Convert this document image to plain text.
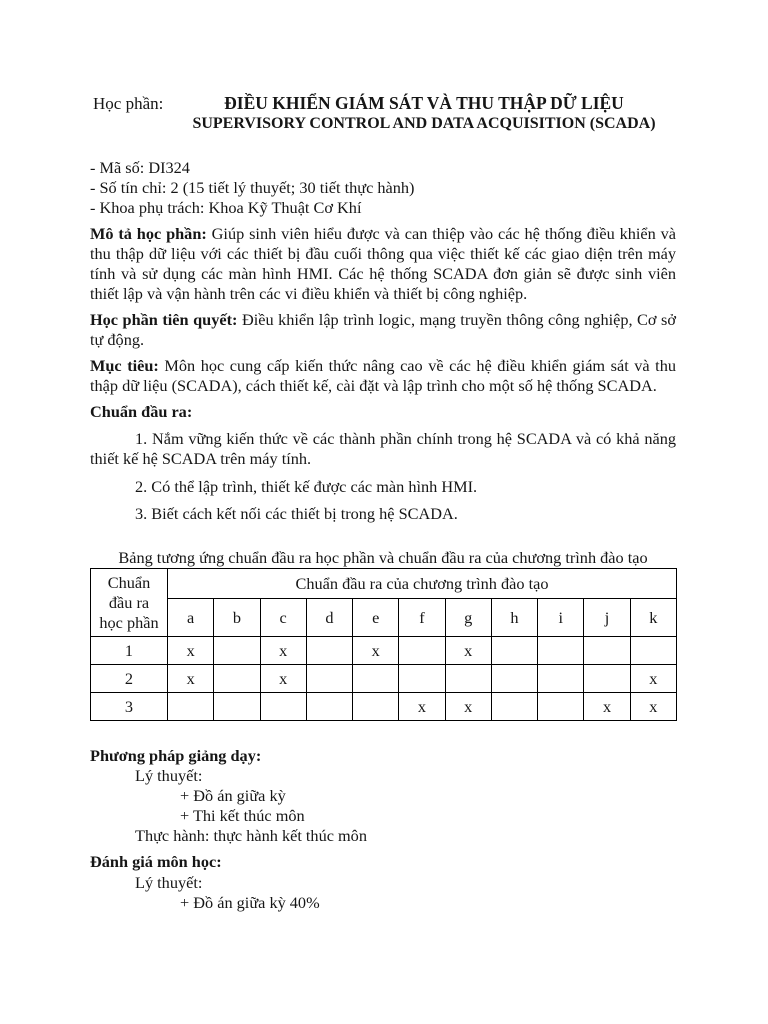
Học phần:	ĐIỀU KHIỂN GIÁM SÁT VÀ THU THẬP DỮ LIỆU
SUPERVISORY CONTROL AND DATA ACQUISITION (SCADA)
- Mã số: DI324
- Số tín chỉ: 2 (15 tiết lý thuyết; 30 tiết thực hành)
- Khoa phụ trách: Khoa Kỹ Thuật Cơ Khí
Mô tả học phần: Giúp sinh viên hiểu được và can thiệp vào các hệ thống điều khiển và
thu thập dữ liệu với các thiết bị đầu cuối thông qua việc thiết kế các giao diện trên máy
tính và sử dụng các màn hình HMI. Các hệ thống SCADA đơn giản sẽ được sinh viên
thiết lập và vận hành trên các vi điều khiển và thiết bị công nghiệp.
Học phần tiên quyết: Điều khiển lập trình logic, mạng truyền thông công nghiệp, Cơ sở
tự động.
Mục tiêu: Môn học cung cấp kiến thức nâng cao về các hệ điều khiển giám sát và thu
thập dữ liệu (SCADA), cách thiết kế, cài đặt và lập trình cho một số hệ thống SCADA.
Chuẩn đầu ra:
1. Nắm vững kiến thức về các thành phần chính trong hệ SCADA và có khả năng
thiết kế hệ SCADA trên máy tính.
2. Có thể lập trình, thiết kế được các màn hình HMI.
3. Biết cách kết nối các thiết bị trong hệ SCADA.
Bảng tương ứng chuẩn đầu ra học phần và chuẩn đầu ra của chương trình đào tạo
Chuẩn
đầu ra
học phần	Chuẩn đầu ra của chương trình đào tạo										
	a	b	c	d	e	f	g	h	i	j	k
1	x		x		x		x				
2	x		x								x
3						x	x			x	x
Phương pháp giảng dạy:
Lý thuyết:
+ Đồ án giữa kỳ
+ Thi kết thúc môn
Thực hành: thực hành kết thúc môn
Đánh giá môn học:
Lý thuyết:
+ Đồ án giữa kỳ 40%
